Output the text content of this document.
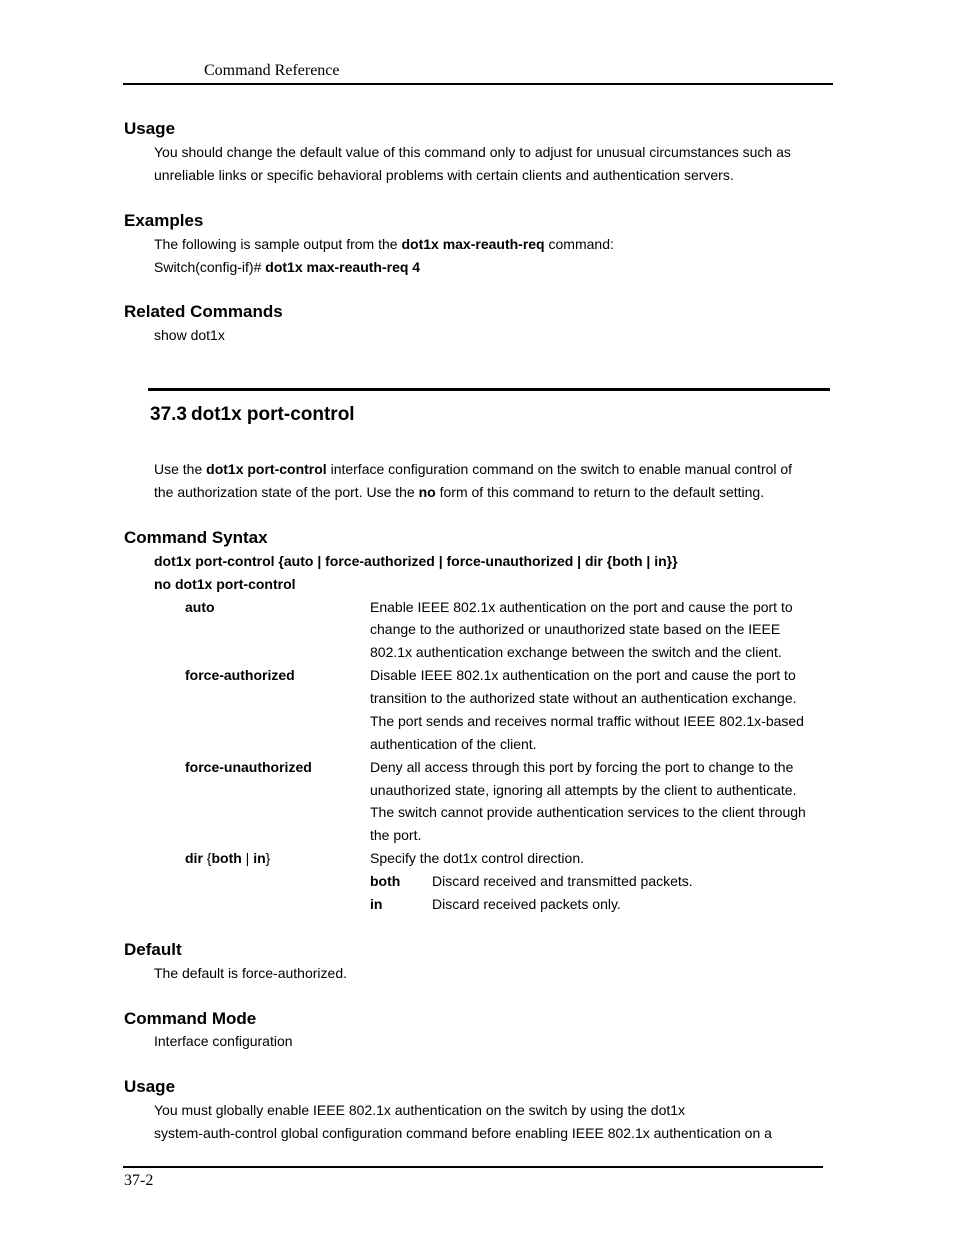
Command Reference
Usage
You should change the default value of this command only to adjust for unusual circumstances such as
unreliable links or specific behavioral problems with certain clients and authentication servers.
Examples
The following is sample output from the dot1x max-reauth-req command:
Switch(config-if)# dot1x max-reauth-req 4
Related Commands
show dot1x
37.3 dot1x port-control
Use the dot1x port-control interface configuration command on the switch to enable manual control of
the authorization state of the port. Use the no form of this command to return to the default setting.
Command Syntax
dot1x port-control {auto | force-authorized | force-unauthorized | dir {both | in}}
no dot1x port-control
auto	Enable IEEE 802.1x authentication on the port and cause the port to
change to the authorized or unauthorized state based on the IEEE
802.1x authentication exchange between the switch and the client.
force-authorized	Disable IEEE 802.1x authentication on the port and cause the port to
transition to the authorized state without an authentication exchange.
The port sends and receives normal traffic without IEEE 802.1x-based
authentication of the client.
force-unauthorized	Deny all access through this port by forcing the port to change to the
unauthorized state, ignoring all attempts by the client to authenticate.
The switch cannot provide authentication services to the client through
the port.
dir {both | in}	Specify the dot1x control direction.
both Discard received and transmitted packets.
in	Discard received packets only.
Default
The default is force-authorized.
Command Mode
Interface configuration
Usage
You must globally enable IEEE 802.1x authentication on the switch by using the dot1x
system-auth-control global configuration command before enabling IEEE 802.1x authentication on a
37-2
